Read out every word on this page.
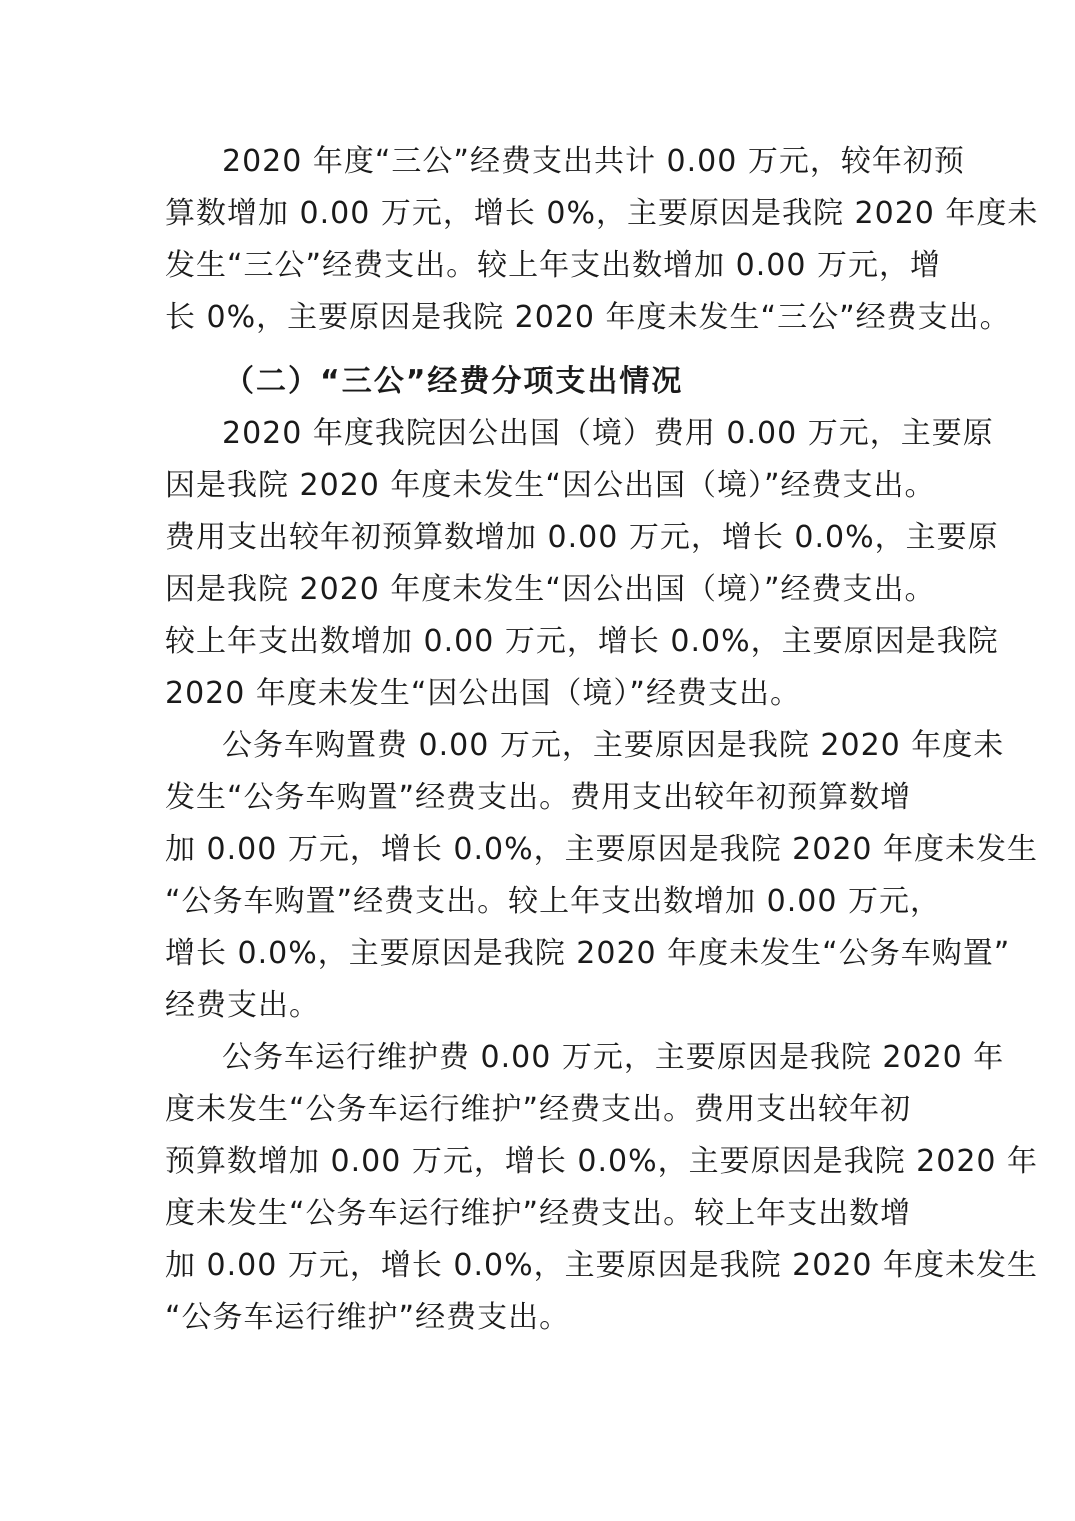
2020 年度“三公”经费支出共计 0.00 万元，较年初预
算数增加 0.00 万元，增长 0%，主要原因是我院 2020 年度未
发生“三公”经费支出。较上年支出数增加 0.00 万元，增
长 0%，主要原因是我院 2020 年度未发生“三公”经费支出。
（二）“三公”经费分项支出情况
2020 年度我院因公出国（境）费用 0.00 万元，主要原
因是我院 2020 年度未发生“因公出国（境）”经费支出。
费用支出较年初预算数增加 0.00 万元，增长 0.0%，主要原
因是我院 2020 年度未发生“因公出国（境）”经费支出。
较上年支出数增加 0.00 万元，增长 0.0%，主要原因是我院
2020 年度未发生“因公出国（境）”经费支出。
公务车购置费 0.00 万元，主要原因是我院 2020 年度未
发生“公务车购置”经费支出。费用支出较年初预算数增
加 0.00 万元，增长 0.0%，主要原因是我院 2020 年度未发生
“公务车购置”经费支出。较上年支出数增加 0.00 万元，
增长 0.0%，主要原因是我院 2020 年度未发生“公务车购置”
经费支出。
公务车运行维护费 0.00 万元，主要原因是我院 2020 年
度未发生“公务车运行维护”经费支出。费用支出较年初
预算数增加 0.00 万元，增长 0.0%，主要原因是我院 2020 年
度未发生“公务车运行维护”经费支出。较上年支出数增
加 0.00 万元，增长 0.0%，主要原因是我院 2020 年度未发生
“公务车运行维护”经费支出。
